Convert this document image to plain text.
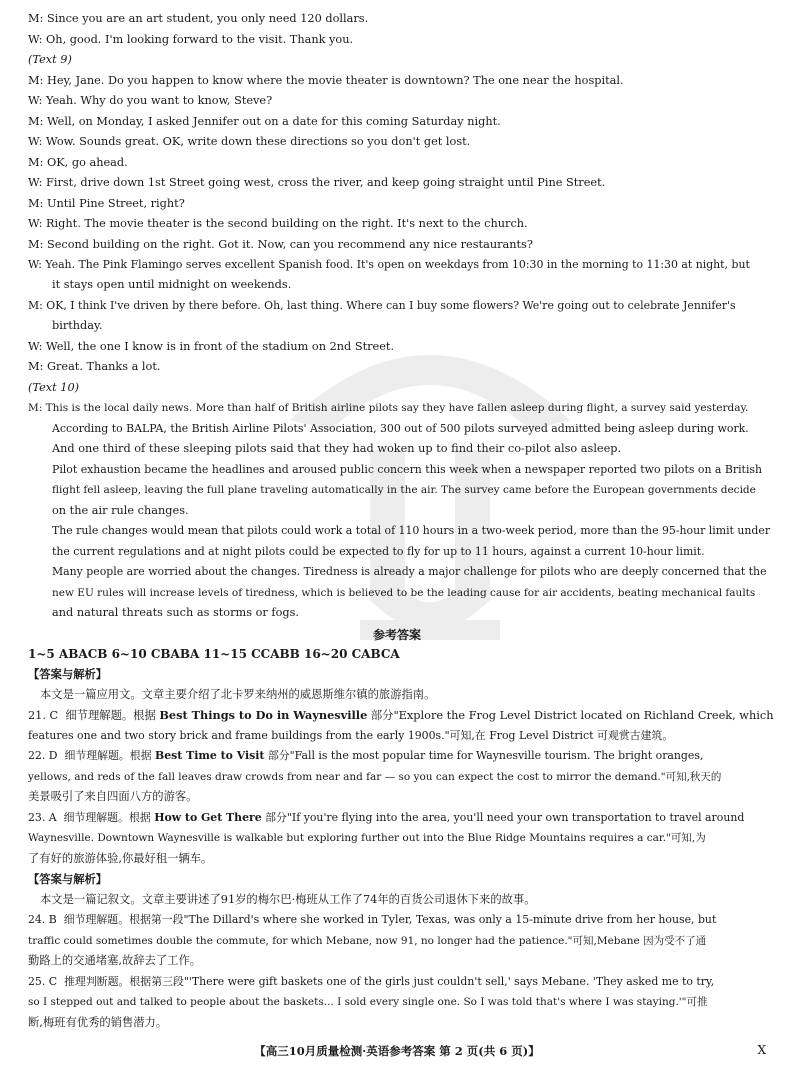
M: Since you are an art student, you only need 120 dollars.
W: Oh, good. I'm looking forward to the visit. Thank you.
(Text 9)
M: Hey, Jane. Do you happen to know where the movie theater is downtown? The one near the hospital.
W: Yeah. Why do you want to know, Steve?
M: Well, on Monday, I asked Jennifer out on a date for this coming Saturday night.
W: Wow. Sounds great. OK, write down these directions so you don't get lost.
M: OK, go ahead.
W: First, drive down 1st Street going west, cross the river, and keep going straight until Pine Street.
M: Until Pine Street, right?
W: Right. The movie theater is the second building on the right. It's next to the church.
M: Second building on the right. Got it. Now, can you recommend any nice restaurants?
W: Yeah. The Pink Flamingo serves excellent Spanish food. It's open on weekdays from 10:30 in the morning to 11:30 at night, but
it stays open until midnight on weekends.
M: OK, I think I've driven by there before. Oh, last thing. Where can I buy some flowers? We're going out to celebrate Jennifer's
birthday.
W: Well, the one I know is in front of the stadium on 2nd Street.
M: Great. Thanks a lot.
(Text 10)
M: This is the local daily news. More than half of British airline pilots say they have fallen asleep during flight, a survey said yesterday.
According to BALPA, the British Airline Pilots' Association, 300 out of 500 pilots surveyed admitted being asleep during work.
And one third of these sleeping pilots said that they had woken up to find their co-pilot also asleep.
Pilot exhaustion became the headlines and aroused public concern this week when a newspaper reported two pilots on a British
flight fell asleep, leaving the full plane traveling automatically in the air. The survey came before the European governments decide
on the air rule changes.
The rule changes would mean that pilots could work a total of 110 hours in a two-week period, more than the 95-hour limit under
the current regulations and at night pilots could be expected to fly for up to 11 hours, against a current 10-hour limit.
Many people are worried about the changes. Tiredness is already a major challenge for pilots who are deeply concerned that the
new EU rules will increase levels of tiredness, which is believed to be the leading cause for air accidents, beating mechanical faults
and natural threats such as storms or fogs.
参考答案
1~5 ABACB 6~10 CBABA 11~15 CCABB 16~20 CABCA
【答案与解析】
本文是一篇应用文。文章主要介绍了北卡罗来纳州的威恩斯维尔镇的旅游指南。
21. C 细节理解题。根据 Best Things to Do in Waynesville 部分"Explore the Frog Level District located on Richland Creek, which
features one and two story brick and frame buildings from the early 1900s."可知,在 Frog Level District 可观赏古建筑。
22. D 细节理解题。根据 Best Time to Visit 部分"Fall is the most popular time for Waynesville tourism. The bright oranges,
yellows, and reds of the fall leaves draw crowds from near and far — so you can expect the cost to mirror the demand."可知,秋天的
美景吸引了来自四面八方的游客。
23. A 细节理解题。根据 How to Get There 部分"If you're flying into the area, you'll need your own transportation to travel around
Waynesville. Downtown Waynesville is walkable but exploring further out into the Blue Ridge Mountains requires a car."可知,为
了有好的旅游体验,你最好租一辆车。
【答案与解析】
本文是一篇记叙文。文章主要讲述了91岁的梅尔巴·梅班从工作了74年的百货公司退休下来的故事。
24. B 细节理解题。根据第一段"The Dillard's where she worked in Tyler, Texas, was only a 15-minute drive from her house, but
traffic could sometimes double the commute, for which Mebane, now 91, no longer had the patience."可知,Mebane 因为受不了通
勤路上的交通堵塞,故辞去了工作。
25. C 推理判断题。根据第三段"'There were gift baskets one of the girls just couldn't sell,' says Mebane. 'They asked me to try,
so I stepped out and talked to people about the baskets... I sold every single one. So I was told that's where I was staying.'"可推
断,梅班有优秀的销售潜力。
【高三10月质量检测·英语参考答案 第 2 页(共 6 页)】	X
